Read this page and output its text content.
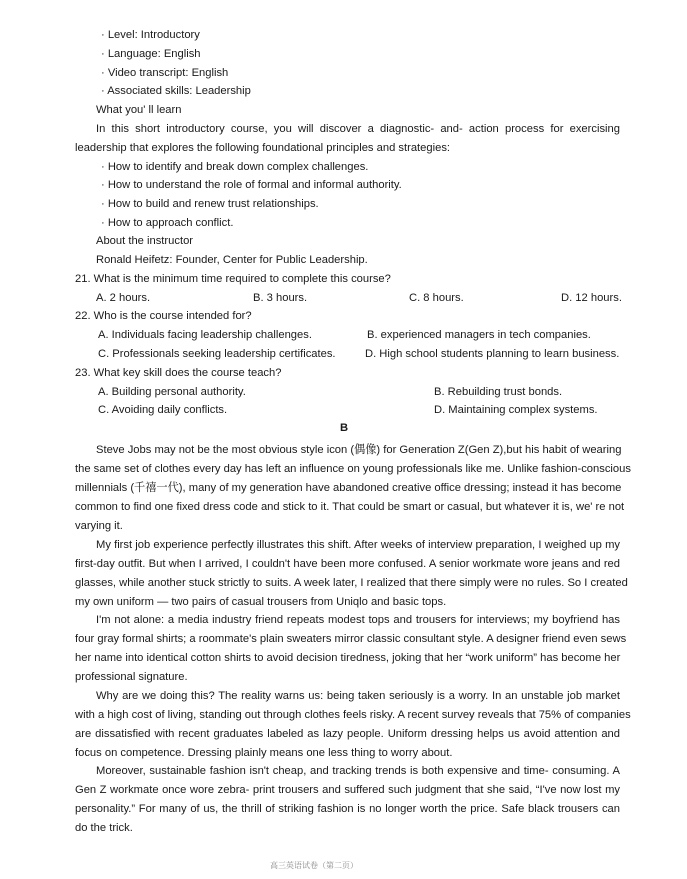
· Level: Introductory
· Language: English
· Video transcript: English
· Associated skills: Leadership
What you' ll learn
In this short introductory course, you will discover a diagnostic- and- action process for exercising
leadership that explores the following foundational principles and strategies:
· How to identify and break down complex challenges.
· How to understand the role of formal and informal authority.
· How to build and renew trust relationships.
· How to approach conflict.
About the instructor
Ronald Heifetz: Founder, Center for Public Leadership.
21. What is the minimum time required to complete this course?
A. 2 hours.	B. 3 hours.	C. 8 hours.	D. 12 hours.
22. Who is the course intended for?
A. Individuals facing leadership challenges.	B. experienced managers in tech companies.
C. Professionals seeking leadership certificates.	D. High school students planning to learn business.
23. What key skill does the course teach?
A. Building personal authority.	B. Rebuilding trust bonds.
C. Avoiding daily conflicts.	D. Maintaining complex systems.
B
Steve Jobs may not be the most obvious style icon (偶像) for Generation Z(Gen Z),but his habit of wearing
the same set of clothes every day has left an influence on young professionals like me. Unlike fashion-conscious
millennials (千禧一代), many of my generation have abandoned creative office dressing; instead it has become
common to find one fixed dress code and stick to it. That could be smart or casual, but whatever it is, we' re not
varying it.
My first job experience perfectly illustrates this shift. After weeks of interview preparation, I weighed up my
first-day outfit. But when I arrived, I couldn't have been more confused. A senior workmate wore jeans and red
glasses, while another stuck strictly to suits. A week later, I realized that there simply were no rules. So I created
my own uniform — two pairs of casual trousers from Uniqlo and basic tops.
I'm not alone: a media industry friend repeats modest tops and trousers for interviews; my boyfriend has
four gray formal shirts; a roommate's plain sweaters mirror classic consultant style. A designer friend even sews
her name into identical cotton shirts to avoid decision tiredness, joking that her “work uniform” has become her
professional signature.
Why are we doing this? The reality warns us: being taken seriously is a worry. In an unstable job market
with a high cost of living, standing out through clothes feels risky. A recent survey reveals that 75% of companies
are dissatisfied with recent graduates labeled as lazy people. Uniform dressing helps us avoid attention and
focus on competence. Dressing plainly means one less thing to worry about.
Moreover, sustainable fashion isn't cheap, and tracking trends is both expensive and time- consuming. A
Gen Z workmate once wore zebra- print trousers and suffered such judgment that she said, “I've now lost my
personality.” For many of us, the thrill of striking fashion is no longer worth the price. Safe black trousers can
do the trick.
高三英语试卷（第二页）
